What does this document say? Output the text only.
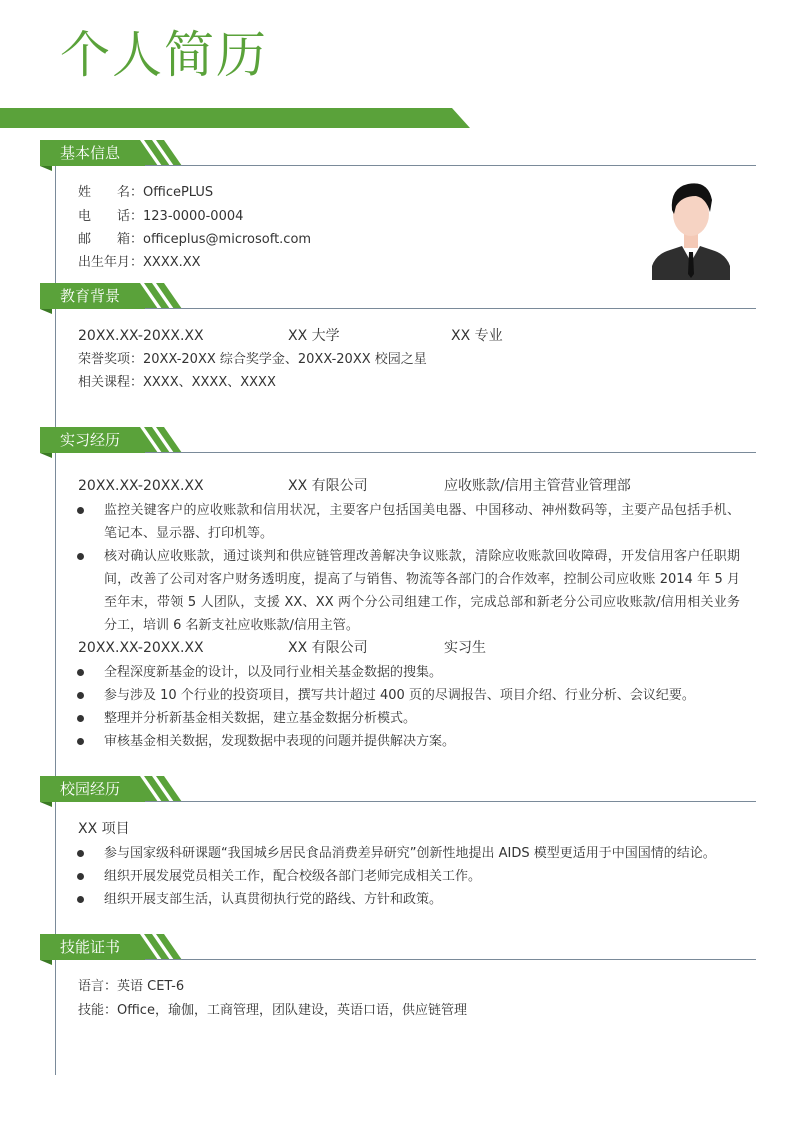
个人简历
基本信息
姓　　名：OfficePLUS
电　　话：123-0000-0004
邮　　箱：officeplus@microsoft.com
出生年月：XXXX.XX
教育背景
20XX.XX-20XX.XX	XX 大学	XX 专业
荣誉奖项：20XX-20XX 综合奖学金、20XX-20XX 校园之星
相关课程：XXXX、XXXX、XXXX
实习经历
20XX.XX-20XX.XX	XX 有限公司	应收账款/信用主管营业管理部
监控关键客户的应收账款和信用状况，主要客户包括国美电器、中国移动、神州数码等，主要产品包括手机、笔记本、显示器、打印机等。
核对确认应收账款，通过谈判和供应链管理改善解决争议账款，清除应收账款回收障碍，开发信用客户任职期间，改善了公司对客户财务透明度，提高了与销售、物流等各部门的合作效率，控制公司应收账 2014 年 5 月至年末，带领 5 人团队，支援 XX、XX 两个分公司组建工作，完成总部和新老分公司应收账款/信用相关业务分工，培训 6 名新支社应收账款/信用主管。
20XX.XX-20XX.XX	XX 有限公司	实习生
全程深度新基金的设计，以及同行业相关基金数据的搜集。
参与涉及 10 个行业的投资项目，撰写共计超过 400 页的尽调报告、项目介绍、行业分析、会议纪要。
整理并分析新基金相关数据，建立基金数据分析模式。
审核基金相关数据，发现数据中表现的问题并提供解决方案。
校园经历
XX 项目
参与国家级科研课题“我国城乡居民食品消费差异研究”创新性地提出 AIDS 模型更适用于中国国情的结论。
组织开展发展党员相关工作，配合校级各部门老师完成相关工作。
组织开展支部生活，认真贯彻执行党的路线、方针和政策。
技能证书
语言：英语 CET-6
技能：Office，瑜伽，工商管理，团队建设，英语口语，供应链管理
